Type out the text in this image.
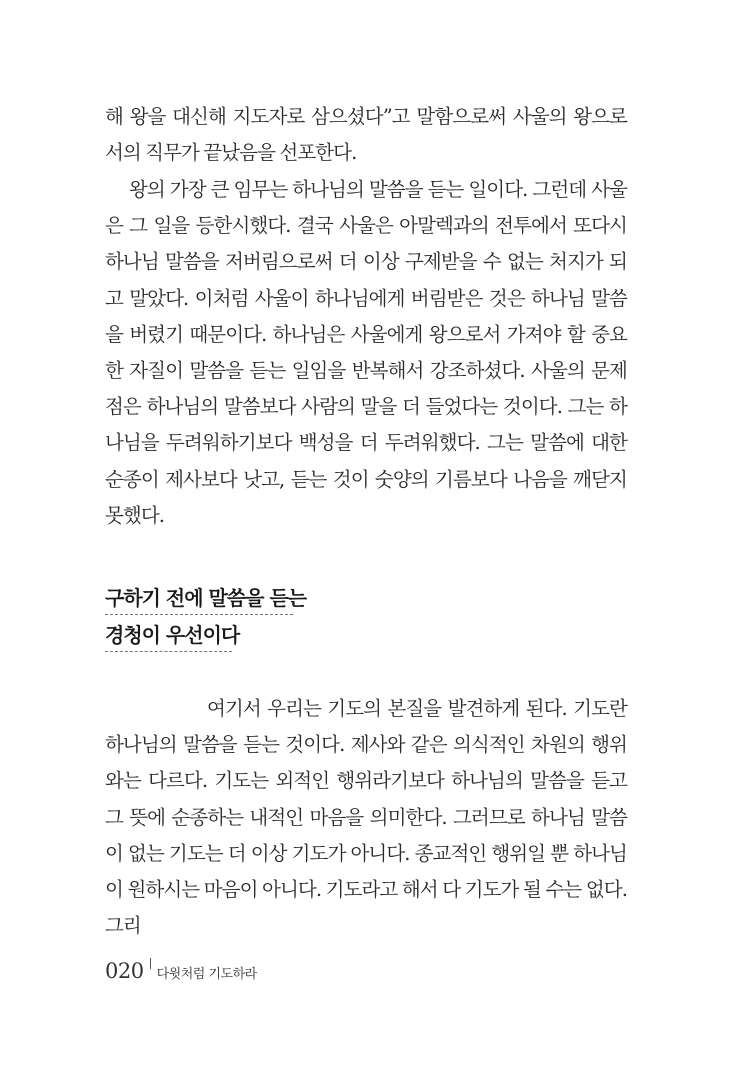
해 왕을 대신해 지도자로 삼으셨다”고 말함으로써 사울의 왕으로서의 직무가 끝났음을 선포한다.

왕의 가장 큰 임무는 하나님의 말씀을 듣는 일이다. 그런데 사울은 그 일을 등한시했다. 결국 사울은 아말렉과의 전투에서 또다시 하나님 말씀을 저버림으로써 더 이상 구제받을 수 없는 처지가 되고 말았다. 이처럼 사울이 하나님에게 버림받은 것은 하나님 말씀을 버렸기 때문이다. 하나님은 사울에게 왕으로서 가져야 할 중요한 자질이 말씀을 듣는 일임을 반복해서 강조하셨다. 사울의 문제점은 하나님의 말씀보다 사람의 말을 더 들었다는 것이다. 그는 하나님을 두려워하기보다 백성을 더 두려워했다. 그는 말씀에 대한 순종이 제사보다 낫고, 듣는 것이 숫양의 기름보다 나음을 깨닫지 못했다.

구하기 전에 말씀을 듣는
경청이 우선이다

여기서 우리는 기도의 본질을 발견하게 된다. 기도란 하나님의 말씀을 듣는 것이다. 제사와 같은 의식적인 차원의 행위와는 다르다. 기도는 외적인 행위라기보다 하나님의 말씀을 듣고 그 뜻에 순종하는 내적인 마음을 의미한다. 그러므로 하나님 말씀이 없는 기도는 더 이상 기도가 아니다. 종교적인 행위일 뿐 하나님이 원하시는 마음이 아니다. 기도라고 해서 다 기도가 될 수는 없다. 그리

020 다윗처럼 기도하라
